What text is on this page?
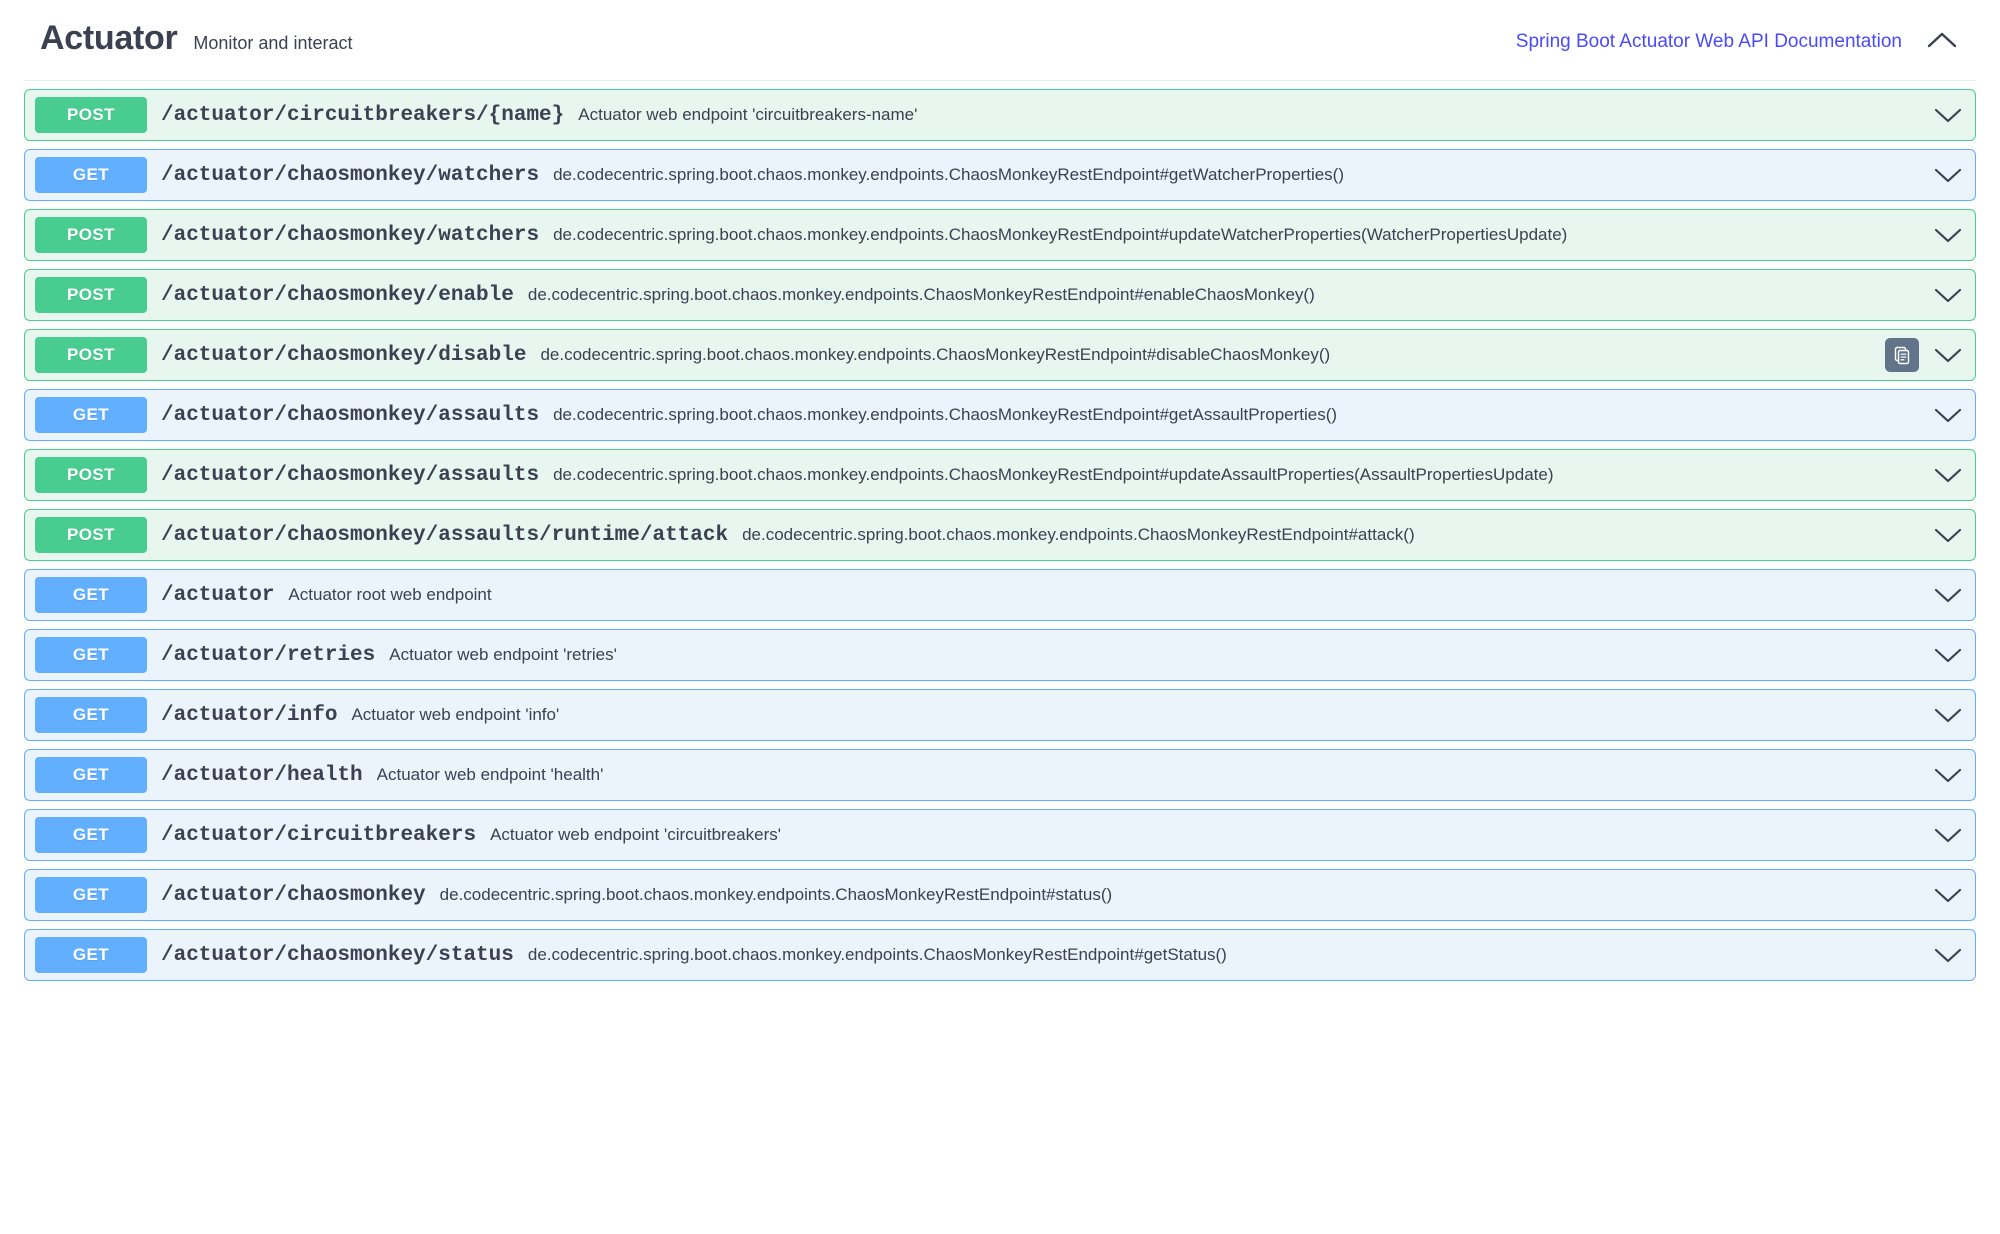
Actuator Monitor and interact	Spring Boot Actuator Web API Documentation
POST	/actuator/circuitbreakers/{name} Actuator web endpoint 'circuitbreakers-name'
GET	/actuator/chaosmonkey/watchers de.codecentric.spring.boot.chaos.monkey.endpoints.ChaosMonkeyRestEndpoint#getWatcherProperties()
POST	/actuator/chaosmonkey/watchers de.codecentric.spring.boot.chaos.monkey.endpoints.ChaosMonkeyRestEndpoint#updateWatcherProperties(WatcherPropertiesUpdate)
POST	/actuator/chaosmonkey/enable de.codecentric.spring.boot.chaos.monkey.endpoints.ChaosMonkeyRestEndpoint#enableChaosMonkey()
POST	/actuator/chaosmonkey/disable de.codecentric.spring.boot.chaos.monkey.endpoints.ChaosMonkeyRestEndpoint#disableChaosMonkey()
GET	/actuator/chaosmonkey/assaults de.codecentric.spring.boot.chaos.monkey.endpoints.ChaosMonkeyRestEndpoint#getAssaultProperties()
POST	/actuator/chaosmonkey/assaults de.codecentric.spring.boot.chaos.monkey.endpoints.ChaosMonkeyRestEndpoint#updateAssaultProperties(AssaultPropertiesUpdate)
POST	/actuator/chaosmonkey/assaults/runtime/attack de.codecentric.spring.boot.chaos.monkey.endpoints.ChaosMonkeyRestEndpoint#attack()
GET	/actuator Actuator root web endpoint
GET	/actuator/retries Actuator web endpoint 'retries'
GET	/actuator/info Actuator web endpoint 'info'
GET	/actuator/health Actuator web endpoint 'health'
GET	/actuator/circuitbreakers Actuator web endpoint 'circuitbreakers'
GET	/actuator/chaosmonkey de.codecentric.spring.boot.chaos.monkey.endpoints.ChaosMonkeyRestEndpoint#status()
GET	/actuator/chaosmonkey/status de.codecentric.spring.boot.chaos.monkey.endpoints.ChaosMonkeyRestEndpoint#getStatus()
